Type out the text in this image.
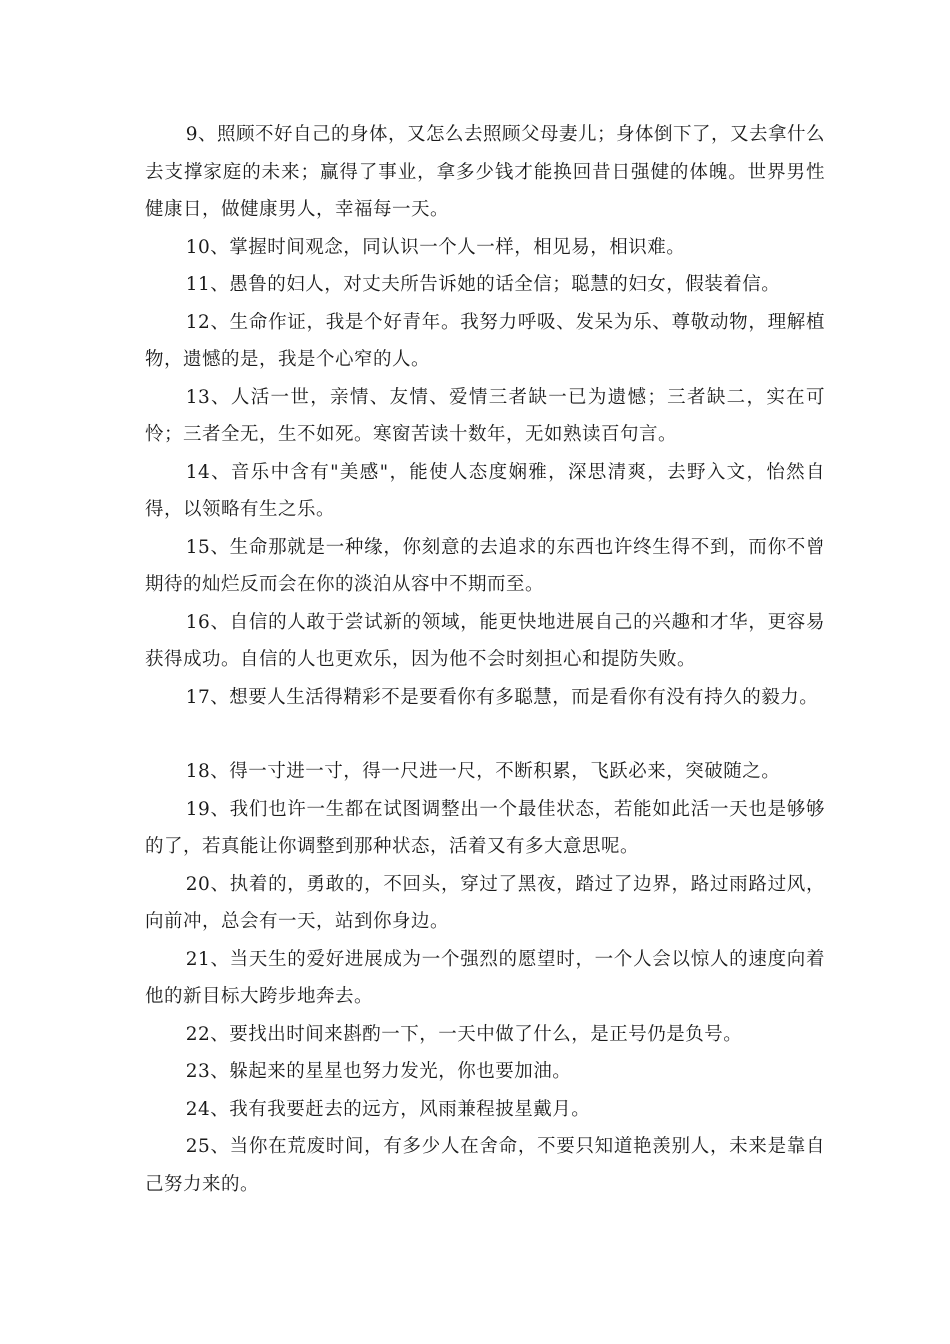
9、照顾不好自己的身体，又怎么去照顾父母妻儿；身体倒下了，又去拿什么去支撑家庭的未来；赢得了事业，拿多少钱才能换回昔日强健的体魄。世界男性健康日，做健康男人，幸福每一天。

10、掌握时间观念，同认识一个人一样，相见易，相识难。

11、愚鲁的妇人，对丈夫所告诉她的话全信；聪慧的妇女，假装着信。

12、生命作证，我是个好青年。我努力呼吸、发呆为乐、尊敬动物，理解植物，遗憾的是，我是个心窄的人。

13、人活一世，亲情、友情、爱情三者缺一已为遗憾；三者缺二，实在可怜；三者全无，生不如死。寒窗苦读十数年，无如熟读百句言。

14、音乐中含有"美感"，能使人态度娴雅，深思清爽，去野入文，怡然自得，以领略有生之乐。

15、生命那就是一种缘，你刻意的去追求的东西也许终生得不到，而你不曾期待的灿烂反而会在你的淡泊从容中不期而至。

16、自信的人敢于尝试新的领域，能更快地进展自己的兴趣和才华，更容易获得成功。自信的人也更欢乐，因为他不会时刻担心和提防失败。

17、想要人生活得精彩不是要看你有多聪慧，而是看你有没有持久的毅力。

18、得一寸进一寸，得一尺进一尺，不断积累，飞跃必来，突破随之。

19、我们也许一生都在试图调整出一个最佳状态，若能如此活一天也是够够的了，若真能让你调整到那种状态，活着又有多大意思呢。

20、执着的，勇敢的，不回头，穿过了黑夜，踏过了边界，路过雨路过风，向前冲，总会有一天，站到你身边。

21、当天生的爱好进展成为一个强烈的愿望时，一个人会以惊人的速度向着他的新目标大跨步地奔去。

22、要找出时间来斟酌一下，一天中做了什么，是正号仍是负号。

23、躲起来的星星也努力发光，你也要加油。

24、我有我要赶去的远方，风雨兼程披星戴月。

25、当你在荒废时间，有多少人在舍命，不要只知道艳羡别人，未来是靠自己努力来的。
